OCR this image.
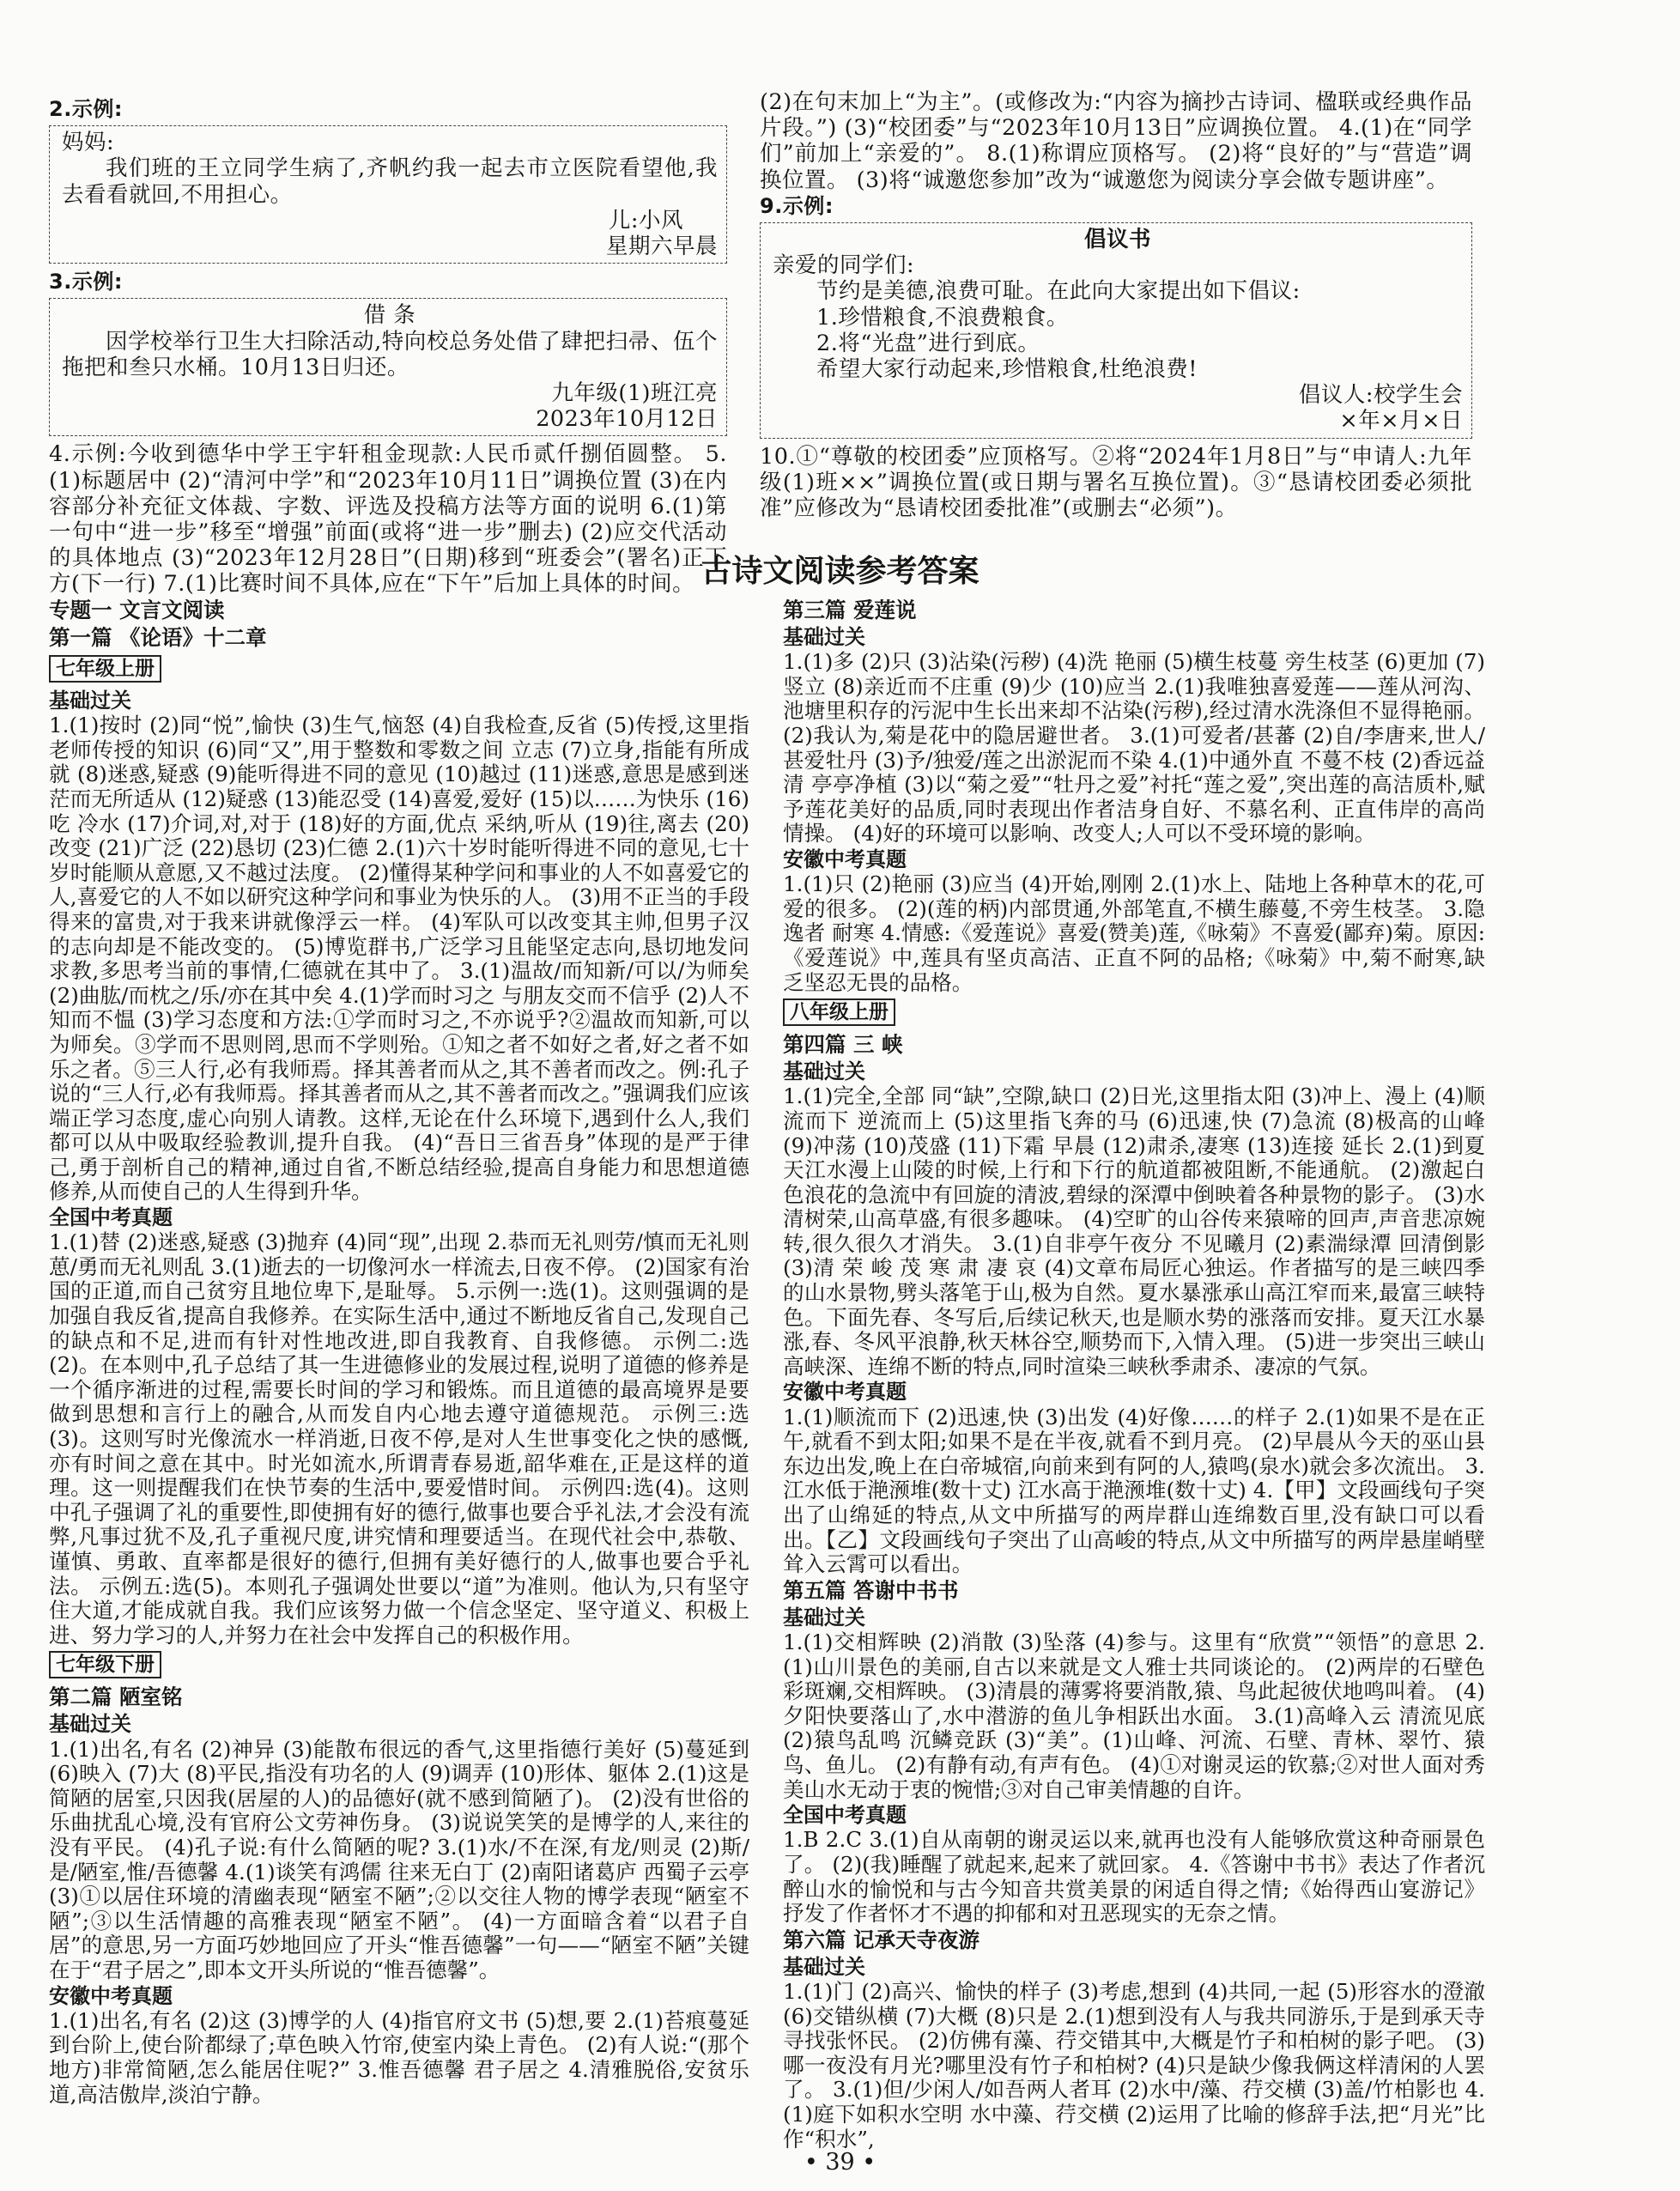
2.示例:

妈妈:

我们班的王立同学生病了,齐帆约我一起去市立医院看望他,我去看看就回,不用担心。

儿:小风

星期六早晨

3.示例:

借 条

因学校举行卫生大扫除活动,特向校总务处借了肆把扫帚、伍个拖把和叁只水桶。10月13日归还。

九年级(1)班江亮

2023年10月12日

4.示例:今收到德华中学王宇轩租金现款:人民币贰仟捌佰圆整。 5.(1)标题居中 (2)“清河中学”和“2023年10月11日”调换位置 (3)在内容部分补充征文体裁、字数、评选及投稿方法等方面的说明 6.(1)第一句中“进一步”移至“增强”前面(或将“进一步”删去) (2)应交代活动的具体地点 (3)“2023年12月28日”(日期)移到“班委会”(署名)正下方(下一行) 7.(1)比赛时间不具体,应在“下午”后加上具体的时间。

(2)在句末加上“为主”。(或修改为:“内容为摘抄古诗词、楹联或经典作品片段。”) (3)“校团委”与“2023年10月13日”应调换位置。 4.(1)在“同学们”前加上“亲爱的”。 8.(1)称谓应顶格写。 (2)将“良好的”与“营造”调换位置。 (3)将“诚邀您参加”改为“诚邀您为阅读分享会做专题讲座”。

9.示例:

倡议书

亲爱的同学们:

节约是美德,浪费可耻。在此向大家提出如下倡议:

1.珍惜粮食,不浪费粮食。

2.将“光盘”进行到底。

希望大家行动起来,珍惜粮食,杜绝浪费!

倡议人:校学生会

×年×月×日

10.①“尊敬的校团委”应顶格写。②将“2024年1月8日”与“申请人:九年级(1)班××”调换位置(或日期与署名互换位置)。③“恳请校团委必须批准”应修改为“恳请校团委批准”(或删去“必须”)。

古诗文阅读参考答案

专题一 文言文阅读

第一篇 《论语》十二章

七年级上册

基础过关

1.(1)按时 (2)同“悦”,愉快 (3)生气,恼怒 (4)自我检查,反省 (5)传授,这里指老师传授的知识 (6)同“又”,用于整数和零数之间 立志 (7)立身,指能有所成就 (8)迷惑,疑惑 (9)能听得进不同的意见 (10)越过 (11)迷惑,意思是感到迷茫而无所适从 (12)疑惑 (13)能忍受 (14)喜爱,爱好 (15)以……为快乐 (16)吃 冷水 (17)介词,对,对于 (18)好的方面,优点 采纳,听从 (19)往,离去 (20)改变 (21)广泛 (22)恳切 (23)仁德 2.(1)六十岁时能听得进不同的意见,七十岁时能顺从意愿,又不越过法度。 (2)懂得某种学问和事业的人不如喜爱它的人,喜爱它的人不如以研究这种学问和事业为快乐的人。 (3)用不正当的手段得来的富贵,对于我来讲就像浮云一样。 (4)军队可以改变其主帅,但男子汉的志向却是不能改变的。 (5)博览群书,广泛学习且能坚定志向,恳切地发问求教,多思考当前的事情,仁德就在其中了。 3.(1)温故/而知新/可以/为师矣 (2)曲肱/而枕之/乐/亦在其中矣 4.(1)学而时习之 与朋友交而不信乎 (2)人不知而不愠 (3)学习态度和方法:①学而时习之,不亦说乎?②温故而知新,可以为师矣。③学而不思则罔,思而不学则殆。①知之者不如好之者,好之者不如乐之者。⑤三人行,必有我师焉。择其善者而从之,其不善者而改之。例:孔子说的“三人行,必有我师焉。择其善者而从之,其不善者而改之。”强调我们应该端正学习态度,虚心向别人请教。这样,无论在什么环境下,遇到什么人,我们都可以从中吸取经验教训,提升自我。 (4)“吾日三省吾身”体现的是严于律己,勇于剖析自己的精神,通过自省,不断总结经验,提高自身能力和思想道德修养,从而使自己的人生得到升华。

全国中考真题

1.(1)替 (2)迷惑,疑惑 (3)抛弃 (4)同“现”,出现 2.恭而无礼则劳/慎而无礼则葸/勇而无礼则乱 3.(1)逝去的一切像河水一样流去,日夜不停。 (2)国家有治国的正道,而自己贫穷且地位卑下,是耻辱。 5.示例一:选(1)。这则强调的是加强自我反省,提高自我修养。在实际生活中,通过不断地反省自己,发现自己的缺点和不足,进而有针对性地改进,即自我教育、自我修德。 示例二:选(2)。在本则中,孔子总结了其一生进德修业的发展过程,说明了道德的修养是一个循序渐进的过程,需要长时间的学习和锻炼。而且道德的最高境界是要做到思想和言行上的融合,从而发自内心地去遵守道德规范。 示例三:选(3)。这则写时光像流水一样消逝,日夜不停,是对人生世事变化之快的感慨,亦有时间之意在其中。时光如流水,所谓青春易逝,韶华难在,正是这样的道理。这一则提醒我们在快节奏的生活中,要爱惜时间。 示例四:选(4)。这则中孔子强调了礼的重要性,即使拥有好的德行,做事也要合乎礼法,才会没有流弊,凡事过犹不及,孔子重视尺度,讲究情和理要适当。在现代社会中,恭敬、谨慎、勇敢、直率都是很好的德行,但拥有美好德行的人,做事也要合乎礼法。 示例五:选(5)。本则孔子强调处世要以“道”为准则。他认为,只有坚守住大道,才能成就自我。我们应该努力做一个信念坚定、坚守道义、积极上进、努力学习的人,并努力在社会中发挥自己的积极作用。

七年级下册

第二篇 陋室铭

基础过关

1.(1)出名,有名 (2)神异 (3)能散布很远的香气,这里指德行美好 (5)蔓延到 (6)映入 (7)大 (8)平民,指没有功名的人 (9)调弄 (10)形体、躯体 2.(1)这是简陋的居室,只因我(居屋的人)的品德好(就不感到简陋了)。 (2)没有世俗的乐曲扰乱心境,没有官府公文劳神伤身。 (3)说说笑笑的是博学的人,来往的没有平民。 (4)孔子说:有什么简陋的呢? 3.(1)水/不在深,有龙/则灵 (2)斯/是/陋室,惟/吾德馨 4.(1)谈笑有鸿儒 往来无白丁 (2)南阳诸葛庐 西蜀子云亭 (3)①以居住环境的清幽表现“陋室不陋”;②以交往人物的博学表现“陋室不陋”;③以生活情趣的高雅表现“陋室不陋”。 (4)一方面暗含着“以君子自居”的意思,另一方面巧妙地回应了开头“惟吾德馨”一句——“陋室不陋”关键在于“君子居之”,即本文开头所说的“惟吾德馨”。

安徽中考真题

1.(1)出名,有名 (2)这 (3)博学的人 (4)指官府文书 (5)想,要 2.(1)苔痕蔓延到台阶上,使台阶都绿了;草色映入竹帘,使室内染上青色。 (2)有人说:“(那个地方)非常简陋,怎么能居住呢?” 3.惟吾德馨 君子居之 4.清雅脱俗,安贫乐道,高洁傲岸,淡泊宁静。

第三篇 爱莲说

基础过关

1.(1)多 (2)只 (3)沾染(污秽) (4)洗 艳丽 (5)横生枝蔓 旁生枝茎 (6)更加 (7)竖立 (8)亲近而不庄重 (9)少 (10)应当 2.(1)我唯独喜爱莲——莲从河沟、池塘里积存的污泥中生长出来却不沾染(污秽),经过清水洗涤但不显得艳丽。 (2)我认为,菊是花中的隐居避世者。 3.(1)可爱者/甚蕃 (2)自/李唐来,世人/甚爱牡丹 (3)予/独爱/莲之出淤泥而不染 4.(1)中通外直 不蔓不枝 (2)香远益清 亭亭净植 (3)以“菊之爱”“牡丹之爱”衬托“莲之爱”,突出莲的高洁质朴,赋予莲花美好的品质,同时表现出作者洁身自好、不慕名利、正直伟岸的高尚情操。 (4)好的环境可以影响、改变人;人可以不受环境的影响。

安徽中考真题

1.(1)只 (2)艳丽 (3)应当 (4)开始,刚刚 2.(1)水上、陆地上各种草木的花,可爱的很多。 (2)(莲的柄)内部贯通,外部笔直,不横生藤蔓,不旁生枝茎。 3.隐逸者 耐寒 4.情感:《爱莲说》喜爱(赞美)莲,《咏菊》不喜爱(鄙弃)菊。原因:《爱莲说》中,莲具有坚贞高洁、正直不阿的品格;《咏菊》中,菊不耐寒,缺乏坚忍无畏的品格。

八年级上册

第四篇 三 峡

基础过关

1.(1)完全,全部 同“缺”,空隙,缺口 (2)日光,这里指太阳 (3)冲上、漫上 (4)顺流而下 逆流而上 (5)这里指飞奔的马 (6)迅速,快 (7)急流 (8)极高的山峰 (9)冲荡 (10)茂盛 (11)下霜 早晨 (12)肃杀,凄寒 (13)连接 延长 2.(1)到夏天江水漫上山陵的时候,上行和下行的航道都被阻断,不能通航。 (2)激起白色浪花的急流中有回旋的清波,碧绿的深潭中倒映着各种景物的影子。 (3)水清树荣,山高草盛,有很多趣味。 (4)空旷的山谷传来猿啼的回声,声音悲凉婉转,很久很久才消失。 3.(1)自非亭午夜分 不见曦月 (2)素湍绿潭 回清倒影 (3)清 荣 峻 茂 寒 肃 凄 哀 (4)文章布局匠心独运。作者描写的是三峡四季的山水景物,劈头落笔于山,极为自然。夏水暴涨承山高江窄而来,最富三峡特色。下面先春、冬写后,后续记秋天,也是顺水势的涨落而安排。夏天江水暴涨,春、冬风平浪静,秋天林谷空,顺势而下,入情入理。 (5)进一步突出三峡山高峡深、连绵不断的特点,同时渲染三峡秋季肃杀、凄凉的气氛。

安徽中考真题

1.(1)顺流而下 (2)迅速,快 (3)出发 (4)好像……的样子 2.(1)如果不是在正午,就看不到太阳;如果不是在半夜,就看不到月亮。 (2)早晨从今天的巫山县东边出发,晚上在白帝城宿,向前来到有阿的人,猿鸣(泉水)就会多次流出。 3.江水低于滟滪堆(数十丈) 江水高于滟滪堆(数十丈) 4.【甲】文段画线句子突出了山绵延的特点,从文中所描写的两岸群山连绵数百里,没有缺口可以看出。【乙】文段画线句子突出了山高峻的特点,从文中所描写的两岸悬崖峭壁耸入云霄可以看出。

第五篇 答谢中书书

基础过关

1.(1)交相辉映 (2)消散 (3)坠落 (4)参与。这里有“欣赏”“领悟”的意思 2.(1)山川景色的美丽,自古以来就是文人雅士共同谈论的。 (2)两岸的石壁色彩斑斓,交相辉映。 (3)清晨的薄雾将要消散,猿、鸟此起彼伏地鸣叫着。 (4)夕阳快要落山了,水中潜游的鱼儿争相跃出水面。 3.(1)高峰入云 清流见底 (2)猿鸟乱鸣 沉鳞竞跃 (3)“美”。(1)山峰、河流、石壁、青林、翠竹、猿鸟、鱼儿。 (2)有静有动,有声有色。 (4)①对谢灵运的钦慕;②对世人面对秀美山水无动于衷的惋惜;③对自己审美情趣的自许。

全国中考真题

1.B 2.C 3.(1)自从南朝的谢灵运以来,就再也没有人能够欣赏这种奇丽景色了。 (2)(我)睡醒了就起来,起来了就回家。 4.《答谢中书书》表达了作者沉醉山水的愉悦和与古今知音共赏美景的闲适自得之情;《始得西山宴游记》抒发了作者怀才不遇的抑郁和对丑恶现实的无奈之情。

第六篇 记承天寺夜游

基础过关

1.(1)门 (2)高兴、愉快的样子 (3)考虑,想到 (4)共同,一起 (5)形容水的澄澈 (6)交错纵横 (7)大概 (8)只是 2.(1)想到没有人与我共同游乐,于是到承天寺寻找张怀民。 (2)仿佛有藻、荇交错其中,大概是竹子和柏树的影子吧。 (3)哪一夜没有月光?哪里没有竹子和柏树? (4)只是缺少像我俩这样清闲的人罢了。 3.(1)但/少闲人/如吾两人者耳 (2)水中/藻、荇交横 (3)盖/竹柏影也 4.(1)庭下如积水空明 水中藻、荇交横 (2)运用了比喻的修辞手法,把“月光”比作“积水”,

• 39 •
